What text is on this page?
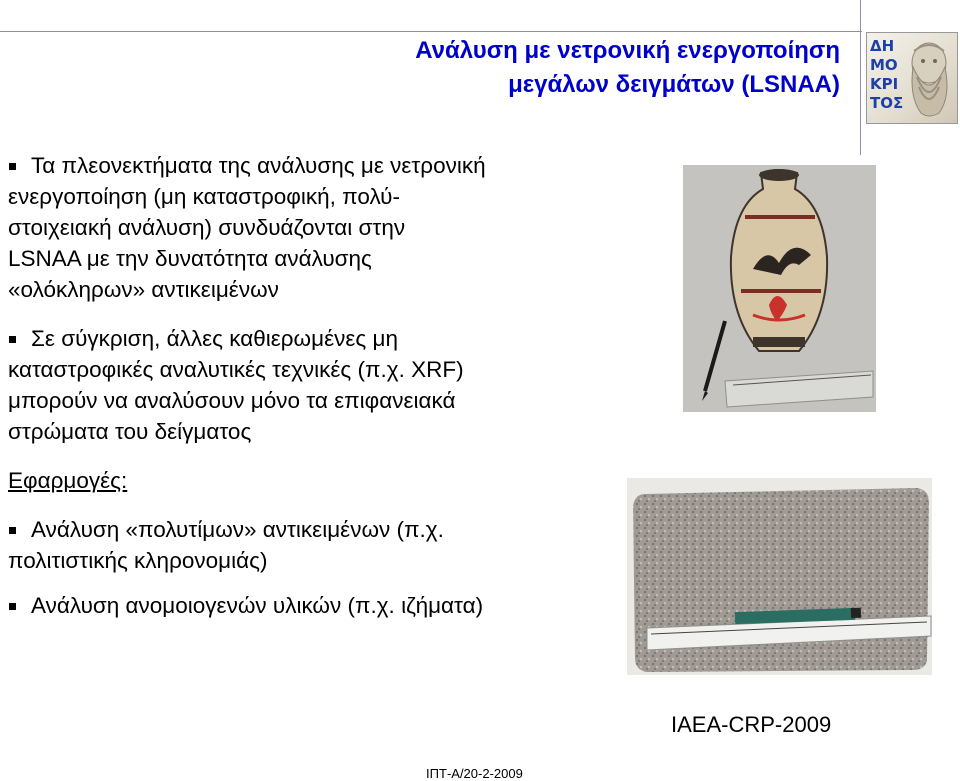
Ανάλυση με νετρονική ενεργοποίηση
μεγάλων δειγμάτων (LSNAA)
ΔΗ
ΜΟ
ΚΡΙ
ΤΟΣ
Τα πλεονεκτήματα της ανάλυσης με νετρονική
ενεργοποίηση (μη καταστροφική, πολύ-
στοιχειακή ανάλυση) συνδυάζονται στην
LSNAA με την δυνατότητα ανάλυσης
«ολόκληρων» αντικειμένων
Σε σύγκριση, άλλες καθιερωμένες μη
καταστροφικές αναλυτικές τεχνικές (π.χ. XRF)
μπορούν να αναλύσουν μόνο τα επιφανειακά
στρώματα του δείγματος
Εφαρμογές:
Ανάλυση «πολυτίμων» αντικειμένων (π.χ.
πολιτιστικής κληρονομιάς)
Ανάλυση ανομοιογενών υλικών (π.χ. ιζήματα)
IAEA-CRP-2009
ΙΠΤ-Α/20-2-2009
